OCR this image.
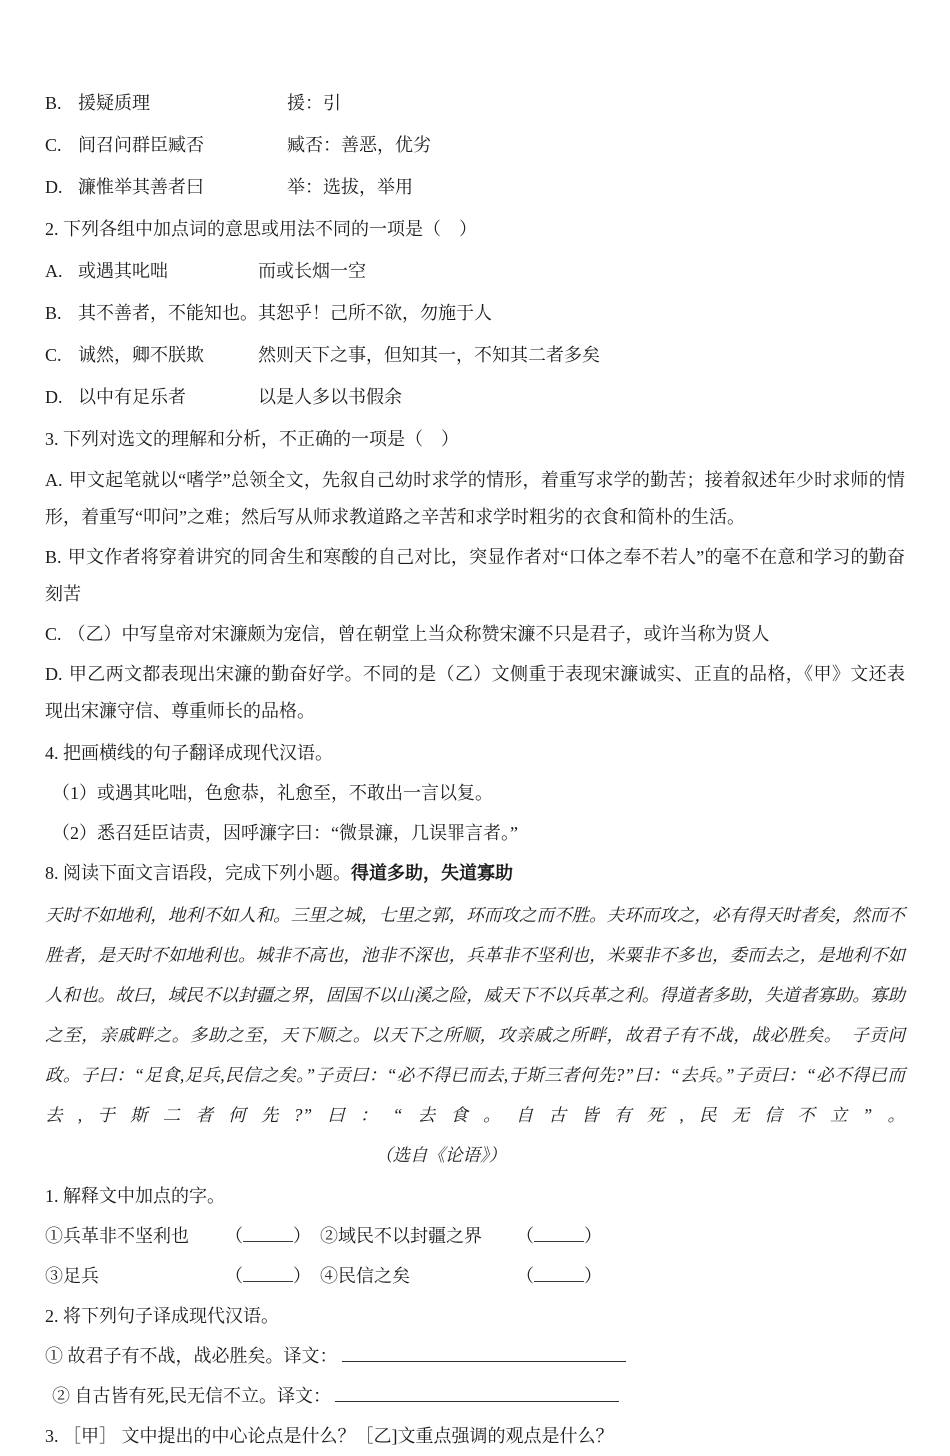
B. 援疑质理	援：引
C. 间召问群臣臧否	臧否：善恶，优劣
D. 濂惟举其善者曰	举：选拔，举用
2. 下列各组中加点词的意思或用法不同的一项是（　）
A. 或遇其叱咄	而或长烟一空
B. 其不善者，不能知也。 其恕乎！己所不欲，勿施于人
C. 诚然，卿不朕欺	然则天下之事，但知其一，不知其二者多矣
D. 以中有足乐者	以是人多以书假余
3. 下列对选文的理解和分析，不正确的一项是（　）
A. 甲文起笔就以“嗜学”总领全文，先叙自己幼时求学的情形，着重写求学的勤苦；接着叙述年少时求师的情形，着重写“叩问”之难；然后写从师求教道路之辛苦和求学时粗劣的衣食和简朴的生活。
B. 甲文作者将穿着讲究的同舍生和寒酸的自己对比，突显作者对“口体之奉不若人”的毫不在意和学习的勤奋刻苦
C. （乙）中写皇帝对宋濂颇为宠信，曾在朝堂上当众称赞宋濂不只是君子，或许当称为贤人
D. 甲乙两文都表现出宋濂的勤奋好学。不同的是（乙）文侧重于表现宋濂诚实、正直的品格，《甲》文还表现出宋濂守信、尊重师长的品格。
4. 把画横线的句子翻译成现代汉语。
（1）或遇其叱咄，色愈恭，礼愈至，不敢出一言以复。
（2）悉召廷臣诘责，因呼濂字曰：“微景濂，几误罪言者。”
8. 阅读下面文言语段，完成下列小题。得道多助，失道寡助
天时不如地利，地利不如人和。三里之城，七里之郭，环而攻之而不胜。夫环而攻之，必有得天时者矣，然而不胜者，是天时不如地利也。城非不高也，池非不深也，兵革非不坚利也，米粟非不多也，委而去之，是地利不如人和也。故曰，域民不以封疆之界，固国不以山溪之险，威天下不以兵革之利。得道者多助，失道者寡助。寡助之至，亲戚畔之。多助之至，天下顺之。以天下之所顺，攻亲戚之所畔，故君子有不战，战必胜矣。　子贡问政。子曰：“足食,足兵,民信之矣。”子贡曰：“必不得已而去,于斯三者何先?”曰：“去兵。”子贡曰：“必不得已而去,于斯二者何先?”曰：“去食。自古皆有死,民无信不立”。（选自《论语》）
1. 解释文中加点的字。
①兵革非不坚利也 （	） ②域民不以封疆之界 （	）
③足兵	（	） ④民信之矣	（	）
2. 将下列句子译成现代汉语。
① 故君子有不战，战必胜矣。译文：
② 自古皆有死,民无信不立。译文：
3. ［甲］ 文中提出的中心论点是什么？［乙]文重点强调的观点是什么？
